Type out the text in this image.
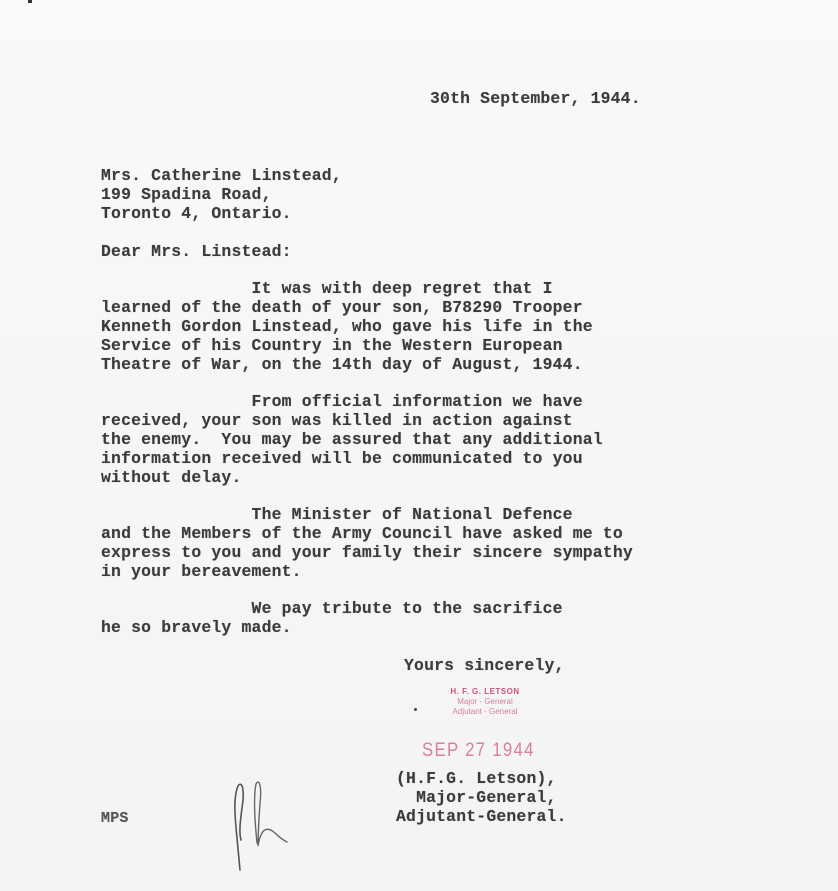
30th September, 1944.
Mrs. Catherine Linstead,
199 Spadina Road,
Toronto 4, Ontario.
Dear Mrs. Linstead:
It was with deep regret that I
learned of the death of your son, B78290 Trooper
Kenneth Gordon Linstead, who gave his life in the
Service of his Country in the Western European
Theatre of War, on the 14th day of August, 1944.
From official information we have
received, your son was killed in action against
the enemy.  You may be assured that any additional
information received will be communicated to you
without delay.
The Minister of National Defence
and the Members of the Army Council have asked me to
express to you and your family their sincere sympathy
in your bereavement.
We pay tribute to the sacrifice
he so bravely made.
Yours sincerely,
H. F. G. LETSON
Major - General
Adjutant - General
SEP 27 1944
(H.F.G. Letson),
Major-General,
Adjutant-General.
MPS
